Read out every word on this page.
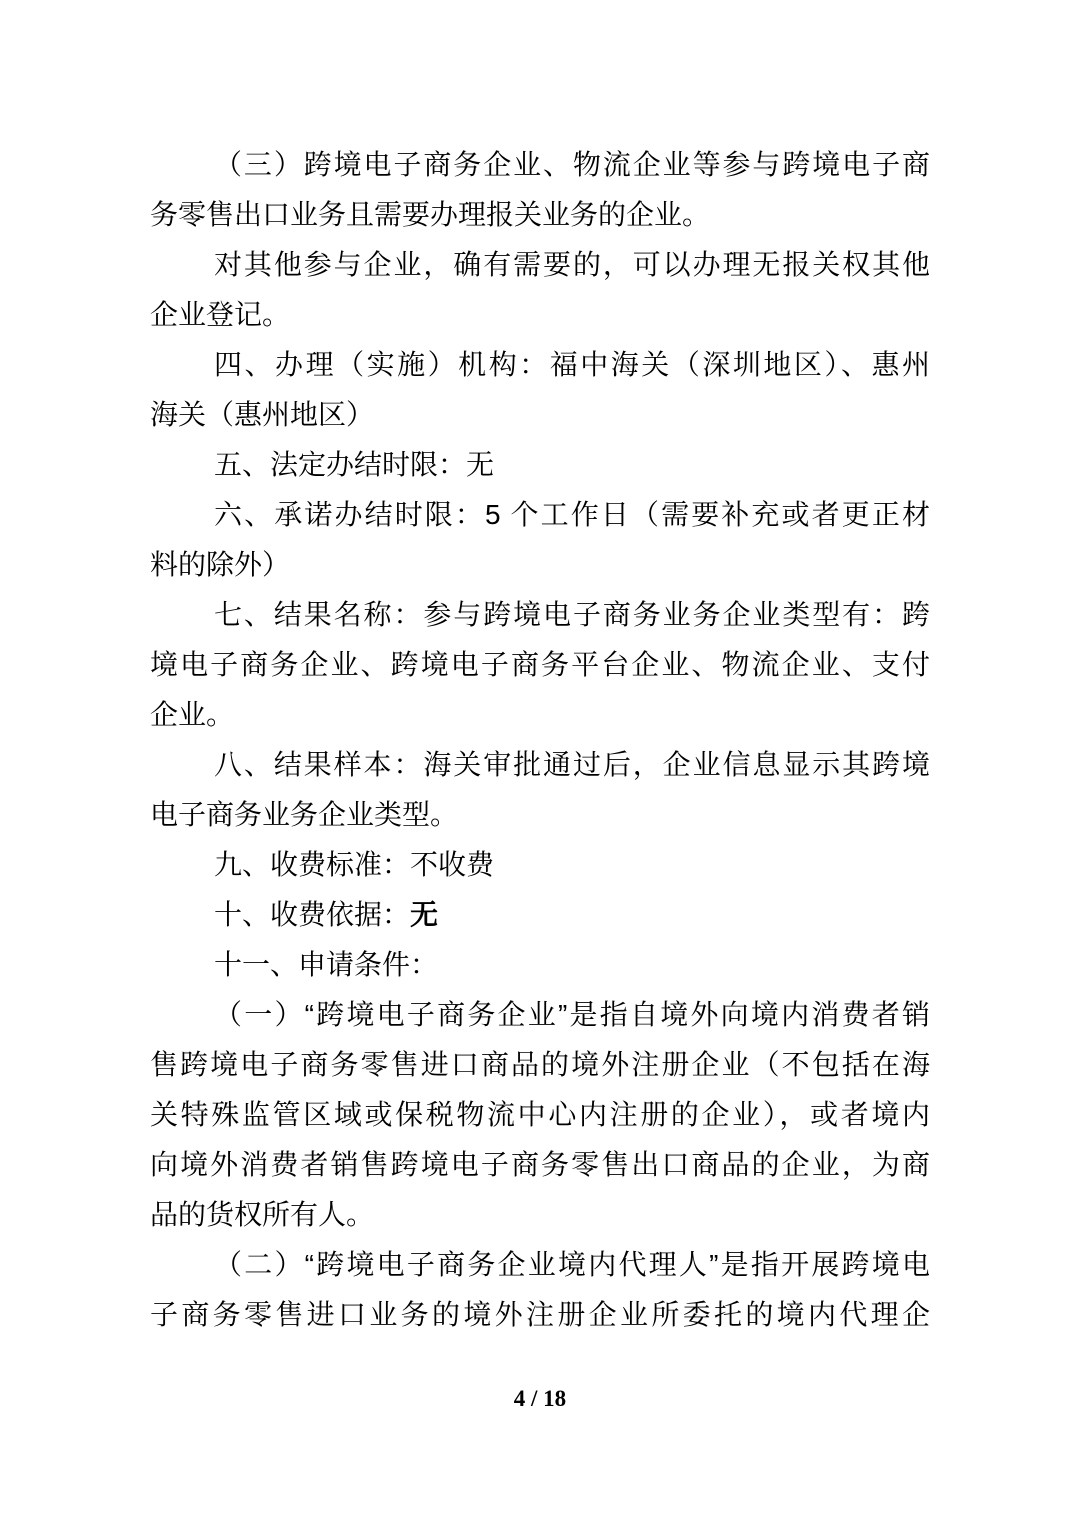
（三）跨境电子商务企业、物流企业等参与跨境电子商
务零售出口业务且需要办理报关业务的企业。
对其他参与企业，确有需要的，可以办理无报关权其他
企业登记。
四、办理（实施）机构：福中海关（深圳地区）、惠州
海关（惠州地区）
五、法定办结时限：无
六、承诺办结时限：5 个工作日（需要补充或者更正材
料的除外）
七、结果名称：参与跨境电子商务业务企业类型有：跨
境电子商务企业、跨境电子商务平台企业、物流企业、支付
企业。
八、结果样本：海关审批通过后，企业信息显示其跨境
电子商务业务企业类型。
九、收费标准：不收费
十、收费依据：无
十一、申请条件：
（一）“跨境电子商务企业”是指自境外向境内消费者销
售跨境电子商务零售进口商品的境外注册企业（不包括在海
关特殊监管区域或保税物流中心内注册的企业），或者境内
向境外消费者销售跨境电子商务零售出口商品的企业，为商
品的货权所有人。
（二）“跨境电子商务企业境内代理人”是指开展跨境电
子商务零售进口业务的境外注册企业所委托的境内代理企
4 / 18
